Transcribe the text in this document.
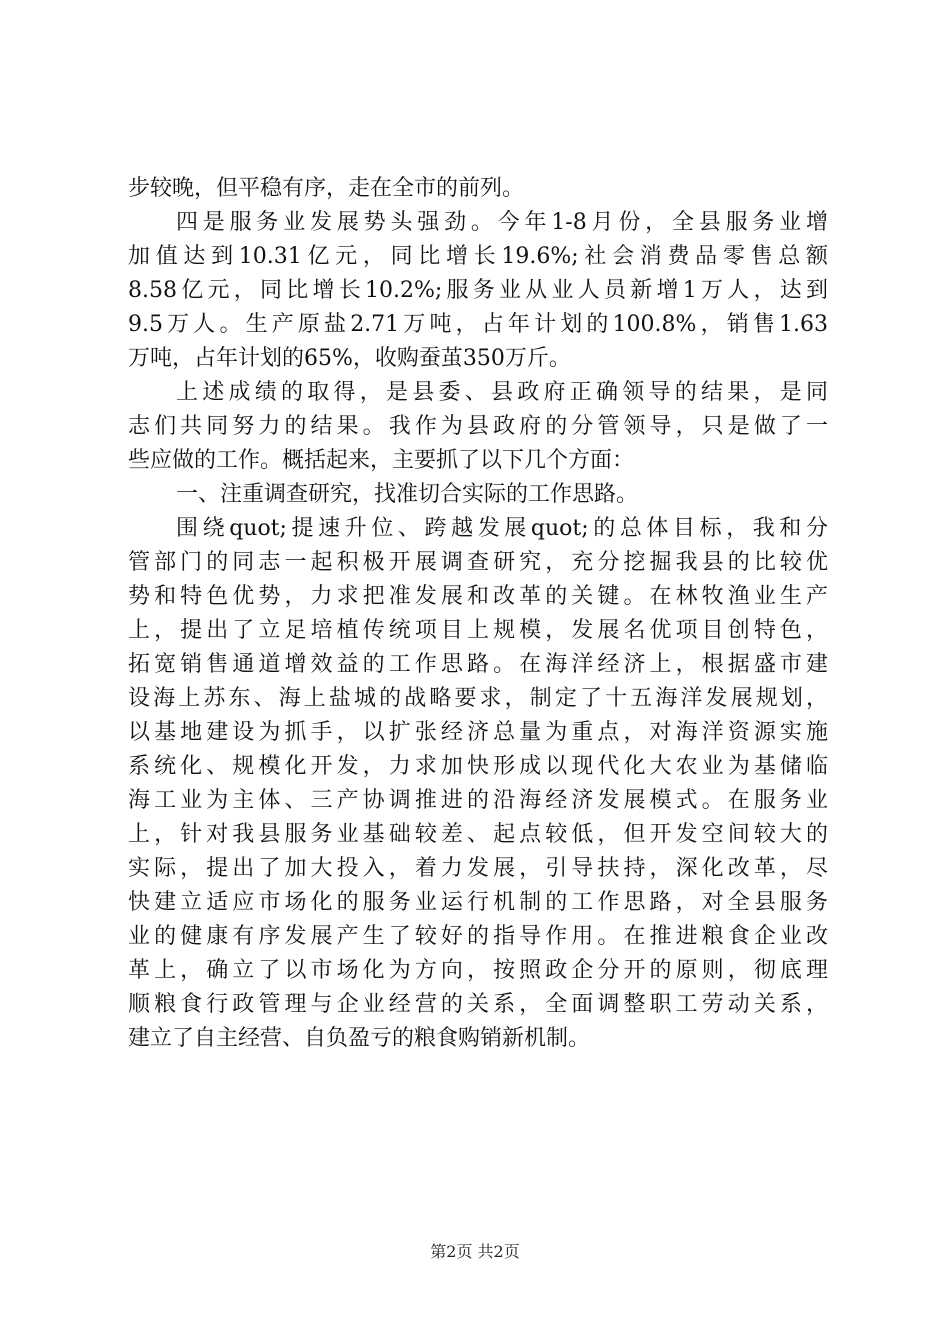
步较晚，但平稳有序，走在全市的前列。
四是服务业发展势头强劲。今年1-8月份，全县服务业增
加值达到10.31亿元，同比增长19.6%;社会消费品零售总额
8.58亿元，同比增长10.2%;服务业从业人员新增1万人，达到
9.5万人。生产原盐2.71万吨，占年计划的100.8%，销售1.63
万吨，占年计划的65%，收购蚕茧350万斤。
上述成绩的取得，是县委、县政府正确领导的结果，是同
志们共同努力的结果。我作为县政府的分管领导，只是做了一
些应做的工作。概括起来，主要抓了以下几个方面：
一、注重调查研究，找准切合实际的工作思路。
围绕quot;提速升位、跨越发展quot;的总体目标，我和分
管部门的同志一起积极开展调查研究，充分挖掘我县的比较优
势和特色优势，力求把准发展和改革的关键。在林牧渔业生产
上，提出了立足培植传统项目上规模，发展名优项目创特色，
拓宽销售通道增效益的工作思路。在海洋经济上，根据盛市建
设海上苏东、海上盐城的战略要求，制定了十五海洋发展规划，
以基地建设为抓手，以扩张经济总量为重点，对海洋资源实施
系统化、规模化开发，力求加快形成以现代化大农业为基储临
海工业为主体、三产协调推进的沿海经济发展模式。在服务业
上，针对我县服务业基础较差、起点较低，但开发空间较大的
实际，提出了加大投入，着力发展，引导扶持，深化改革，尽
快建立适应市场化的服务业运行机制的工作思路，对全县服务
业的健康有序发展产生了较好的指导作用。在推进粮食企业改
革上，确立了以市场化为方向，按照政企分开的原则，彻底理
顺粮食行政管理与企业经营的关系，全面调整职工劳动关系，
建立了自主经营、自负盈亏的粮食购销新机制。
第2页 共2页
